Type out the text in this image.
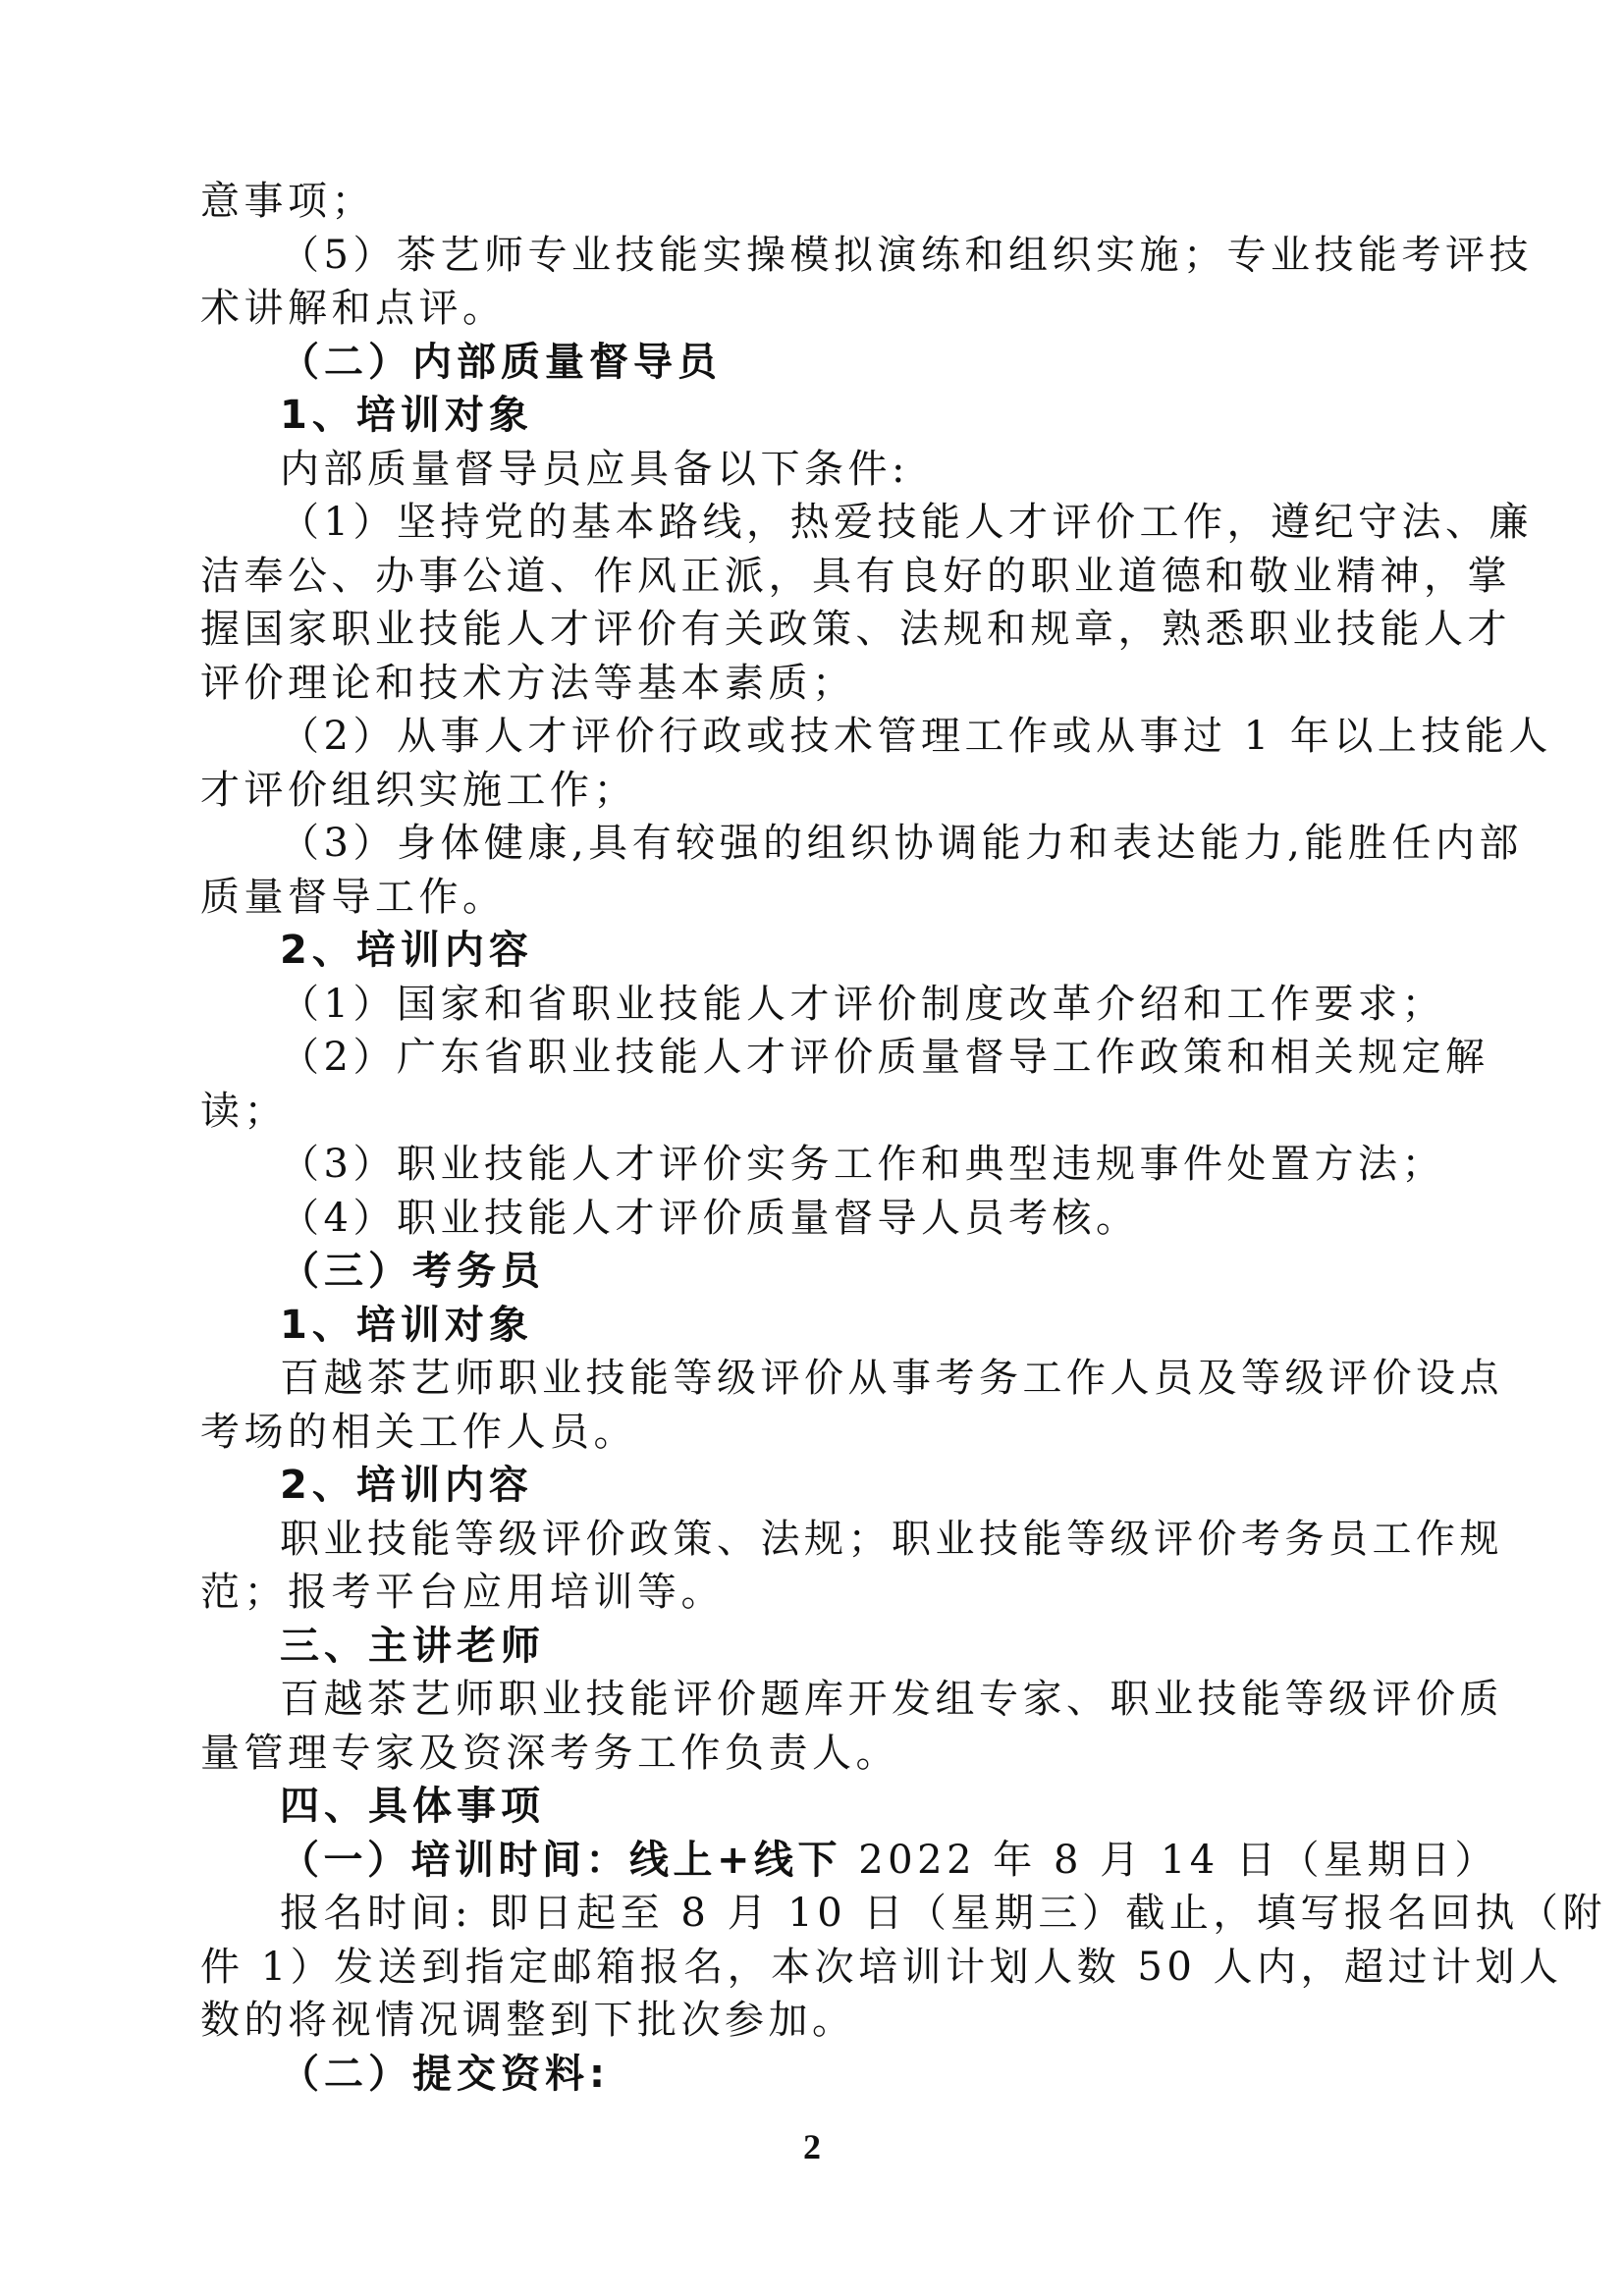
意事项；
（5）茶艺师专业技能实操模拟演练和组织实施；专业技能考评技
术讲解和点评。
（二）内部质量督导员
1、培训对象
内部质量督导员应具备以下条件:
（1）坚持党的基本路线，热爱技能人才评价工作，遵纪守法、廉
洁奉公、办事公道、作风正派，具有良好的职业道德和敬业精神，掌
握国家职业技能人才评价有关政策、法规和规章，熟悉职业技能人才
评价理论和技术方法等基本素质；
（2）从事人才评价行政或技术管理工作或从事过 1 年以上技能人
才评价组织实施工作；
（3）身体健康,具有较强的组织协调能力和表达能力,能胜任内部
质量督导工作。
2、培训内容
（1）国家和省职业技能人才评价制度改革介绍和工作要求；
（2）广东省职业技能人才评价质量督导工作政策和相关规定解
读；
（3）职业技能人才评价实务工作和典型违规事件处置方法；
（4）职业技能人才评价质量督导人员考核。
（三）考务员
1、培训对象
百越茶艺师职业技能等级评价从事考务工作人员及等级评价设点
考场的相关工作人员。
2、培训内容
职业技能等级评价政策、法规；职业技能等级评价考务员工作规
范；报考平台应用培训等。
三、主讲老师
百越茶艺师职业技能评价题库开发组专家、职业技能等级评价质
量管理专家及资深考务工作负责人。
四、具体事项
（一）培训时间：线上+线下 2022 年 8 月 14 日（星期日）
报名时间: 即日起至 8 月 10 日（星期三）截止，填写报名回执（附
件 1）发送到指定邮箱报名，本次培训计划人数 50 人内，超过计划人
数的将视情况调整到下批次参加。
（二）提交资料:
2
